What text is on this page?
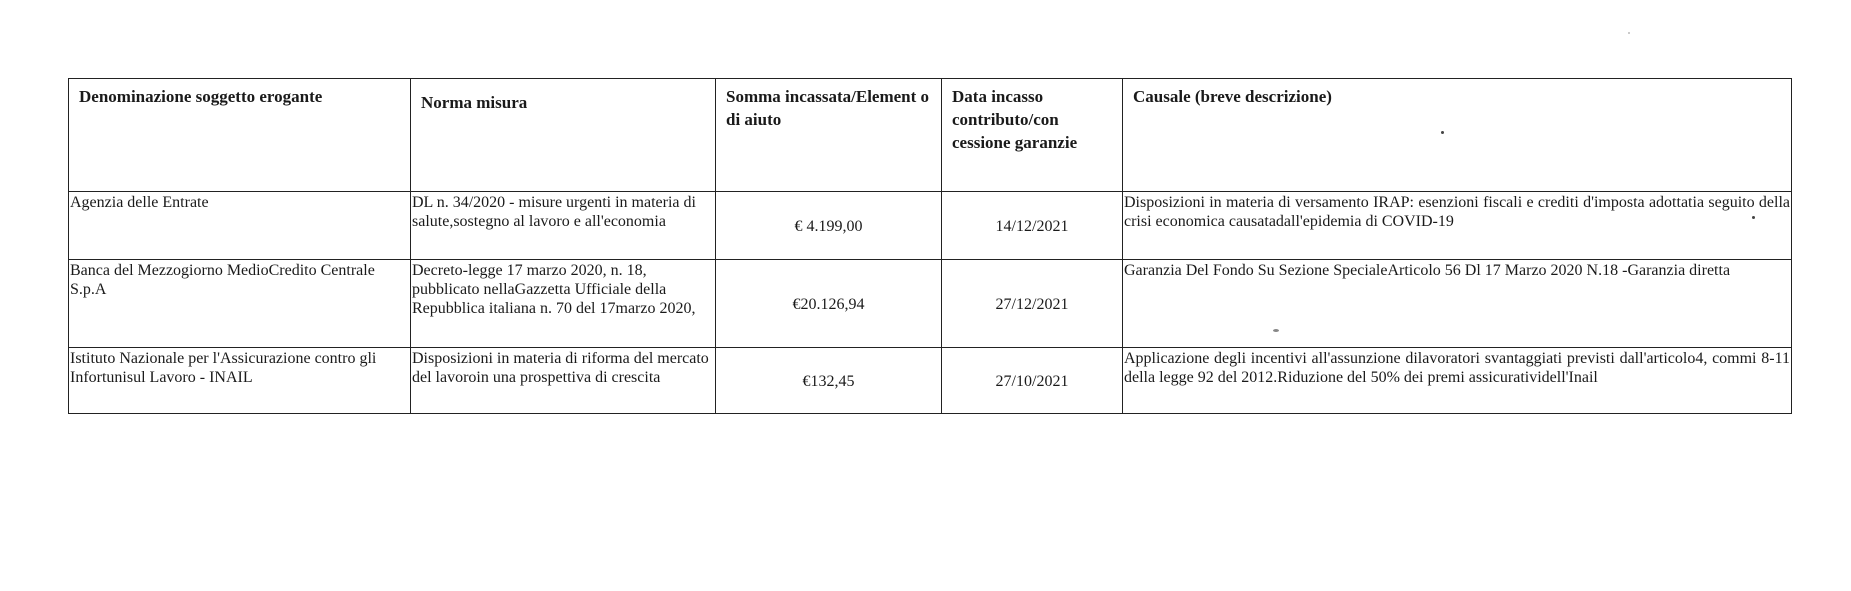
Denominazione soggetto erogante	Norma misura	Somma incassata/Element o di aiuto	Data incasso contributo/con cessione garanzie	Causale (breve descrizione)
Agenzia delle Entrate	DL n. 34/2020 - misure urgenti in materia di salute,sostegno al lavoro e all'economia	€ 4.199,00	14/12/2021	Disposizioni in materia di versamento IRAP: esenzioni fiscali e crediti d'imposta adottatia seguito della crisi economica causatadall'epidemia di COVID-19
Banca del Mezzogiorno MedioCredito Centrale S.p.A	Decreto-legge 17 marzo 2020, n. 18, pubblicato nellaGazzetta Ufficiale della Repubblica italiana n. 70 del 17marzo 2020,	€20.126,94	27/12/2021	Garanzia Del Fondo Su Sezione SpecialeArticolo 56 Dl 17 Marzo 2020 N.18 -Garanzia diretta
Istituto Nazionale per l'Assicurazione contro gli Infortunisul Lavoro - INAIL	Disposizioni in materia di riforma del mercato del lavoroin una prospettiva di crescita	€132,45	27/10/2021	Applicazione degli incentivi all'assunzione dilavoratori svantaggiati previsti dall'articolo4, commi 8-11 della legge 92 del 2012.Riduzione del 50% dei premi assicuratividell'Inail
